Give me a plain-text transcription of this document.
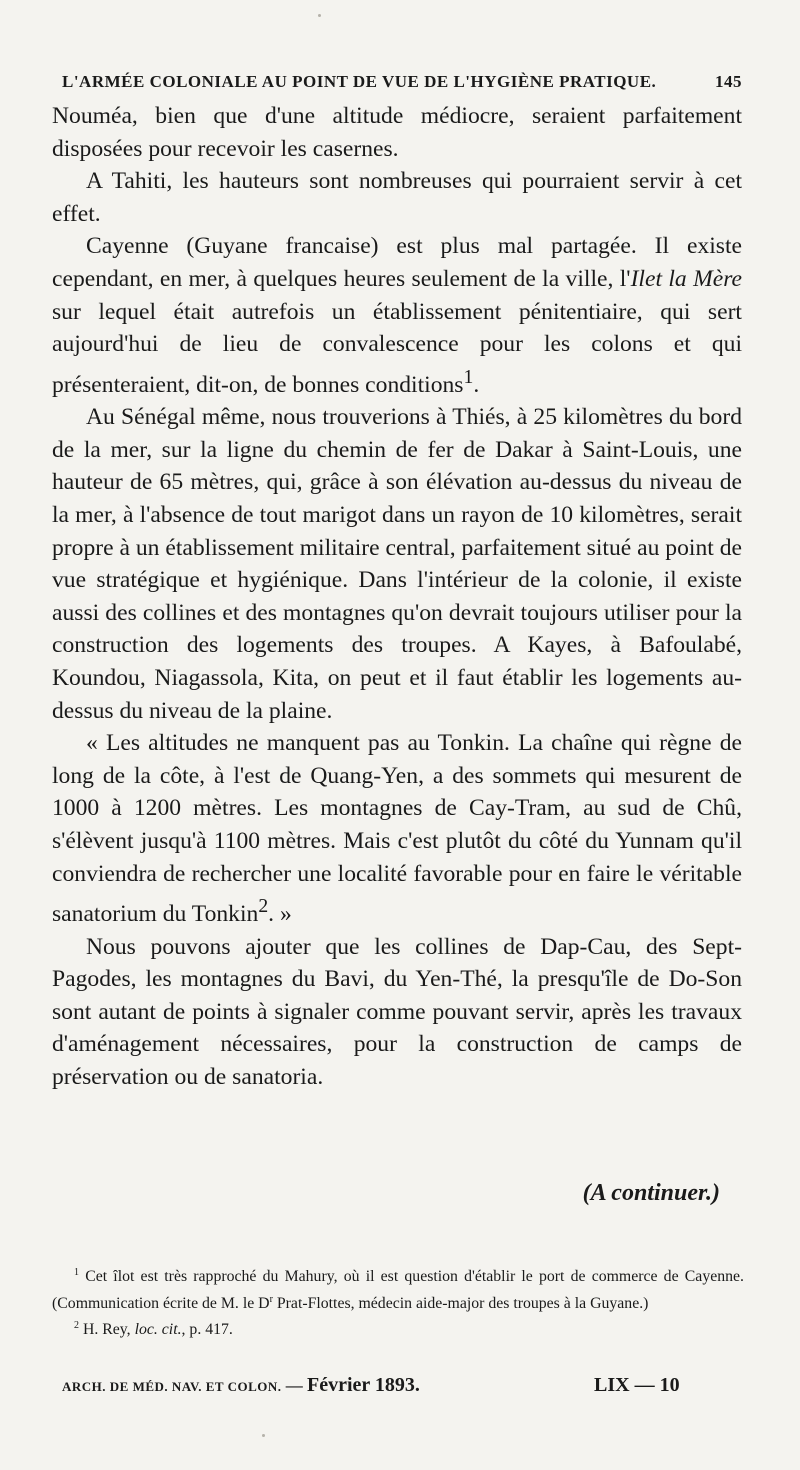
L'ARMÉE COLONIALE AU POINT DE VUE DE L'HYGIÈNE PRATIQUE.	145

Nouméa, bien que d'une altitude médiocre, seraient parfaitement disposées pour recevoir les casernes.

A Tahiti, les hauteurs sont nombreuses qui pourraient servir à cet effet.

Cayenne (Guyane francaise) est plus mal partagée. Il existe cependant, en mer, à quelques heures seulement de la ville, l'Ilet la Mère sur lequel était autrefois un établissement pénitentiaire, qui sert aujourd'hui de lieu de convalescence pour les colons et qui présenteraient, dit-on, de bonnes conditions$^1$.

Au Sénégal même, nous trouverions à Thiés, à 25 kilomètres du bord de la mer, sur la ligne du chemin de fer de Dakar à Saint-Louis, une hauteur de 65 mètres, qui, grâce à son élévation au-dessus du niveau de la mer, à l'absence de tout marigot dans un rayon de 10 kilomètres, serait propre à un établissement militaire central, parfaitement situé au point de vue stratégique et hygiénique. Dans l'intérieur de la colonie, il existe aussi des collines et des montagnes qu'on devrait toujours utiliser pour la construction des logements des troupes. A Kayes, à Bafoulabé, Koundou, Niagassola, Kita, on peut et il faut établir les logements au-dessus du niveau de la plaine.

« Les altitudes ne manquent pas au Tonkin. La chaîne qui règne de long de la côte, à l'est de Quang-Yen, a des sommets qui mesurent de 1000 à 1200 mètres. Les montagnes de Cay-Tram, au sud de Chû, s'élèvent jusqu'à 1100 mètres. Mais c'est plutôt du côté du Yunnam qu'il conviendra de rechercher une localité favorable pour en faire le véritable sanatorium du Tonkin$^2$. »

Nous pouvons ajouter que les collines de Dap-Cau, des Sept-Pagodes, les montagnes du Bavi, du Yen-Thé, la presqu'île de Do-Son sont autant de points à signaler comme pouvant servir, après les travaux d'aménagement nécessaires, pour la construction de camps de préservation ou de sanatoria.

(A continuer.)

$^1$ Cet îlot est très rapproché du Mahury, où il est question d'établir le port de commerce de Cayenne. (Communication écrite de M. le $D^r$ Prat-Flottes, médecin aide-major des troupes à la Guyane.)

$^2$ H. Rey, loc. cit., p. 417.

ARCH. DE MÉD. NAV. ET COLON. — Février 1893.	LIX — 10
